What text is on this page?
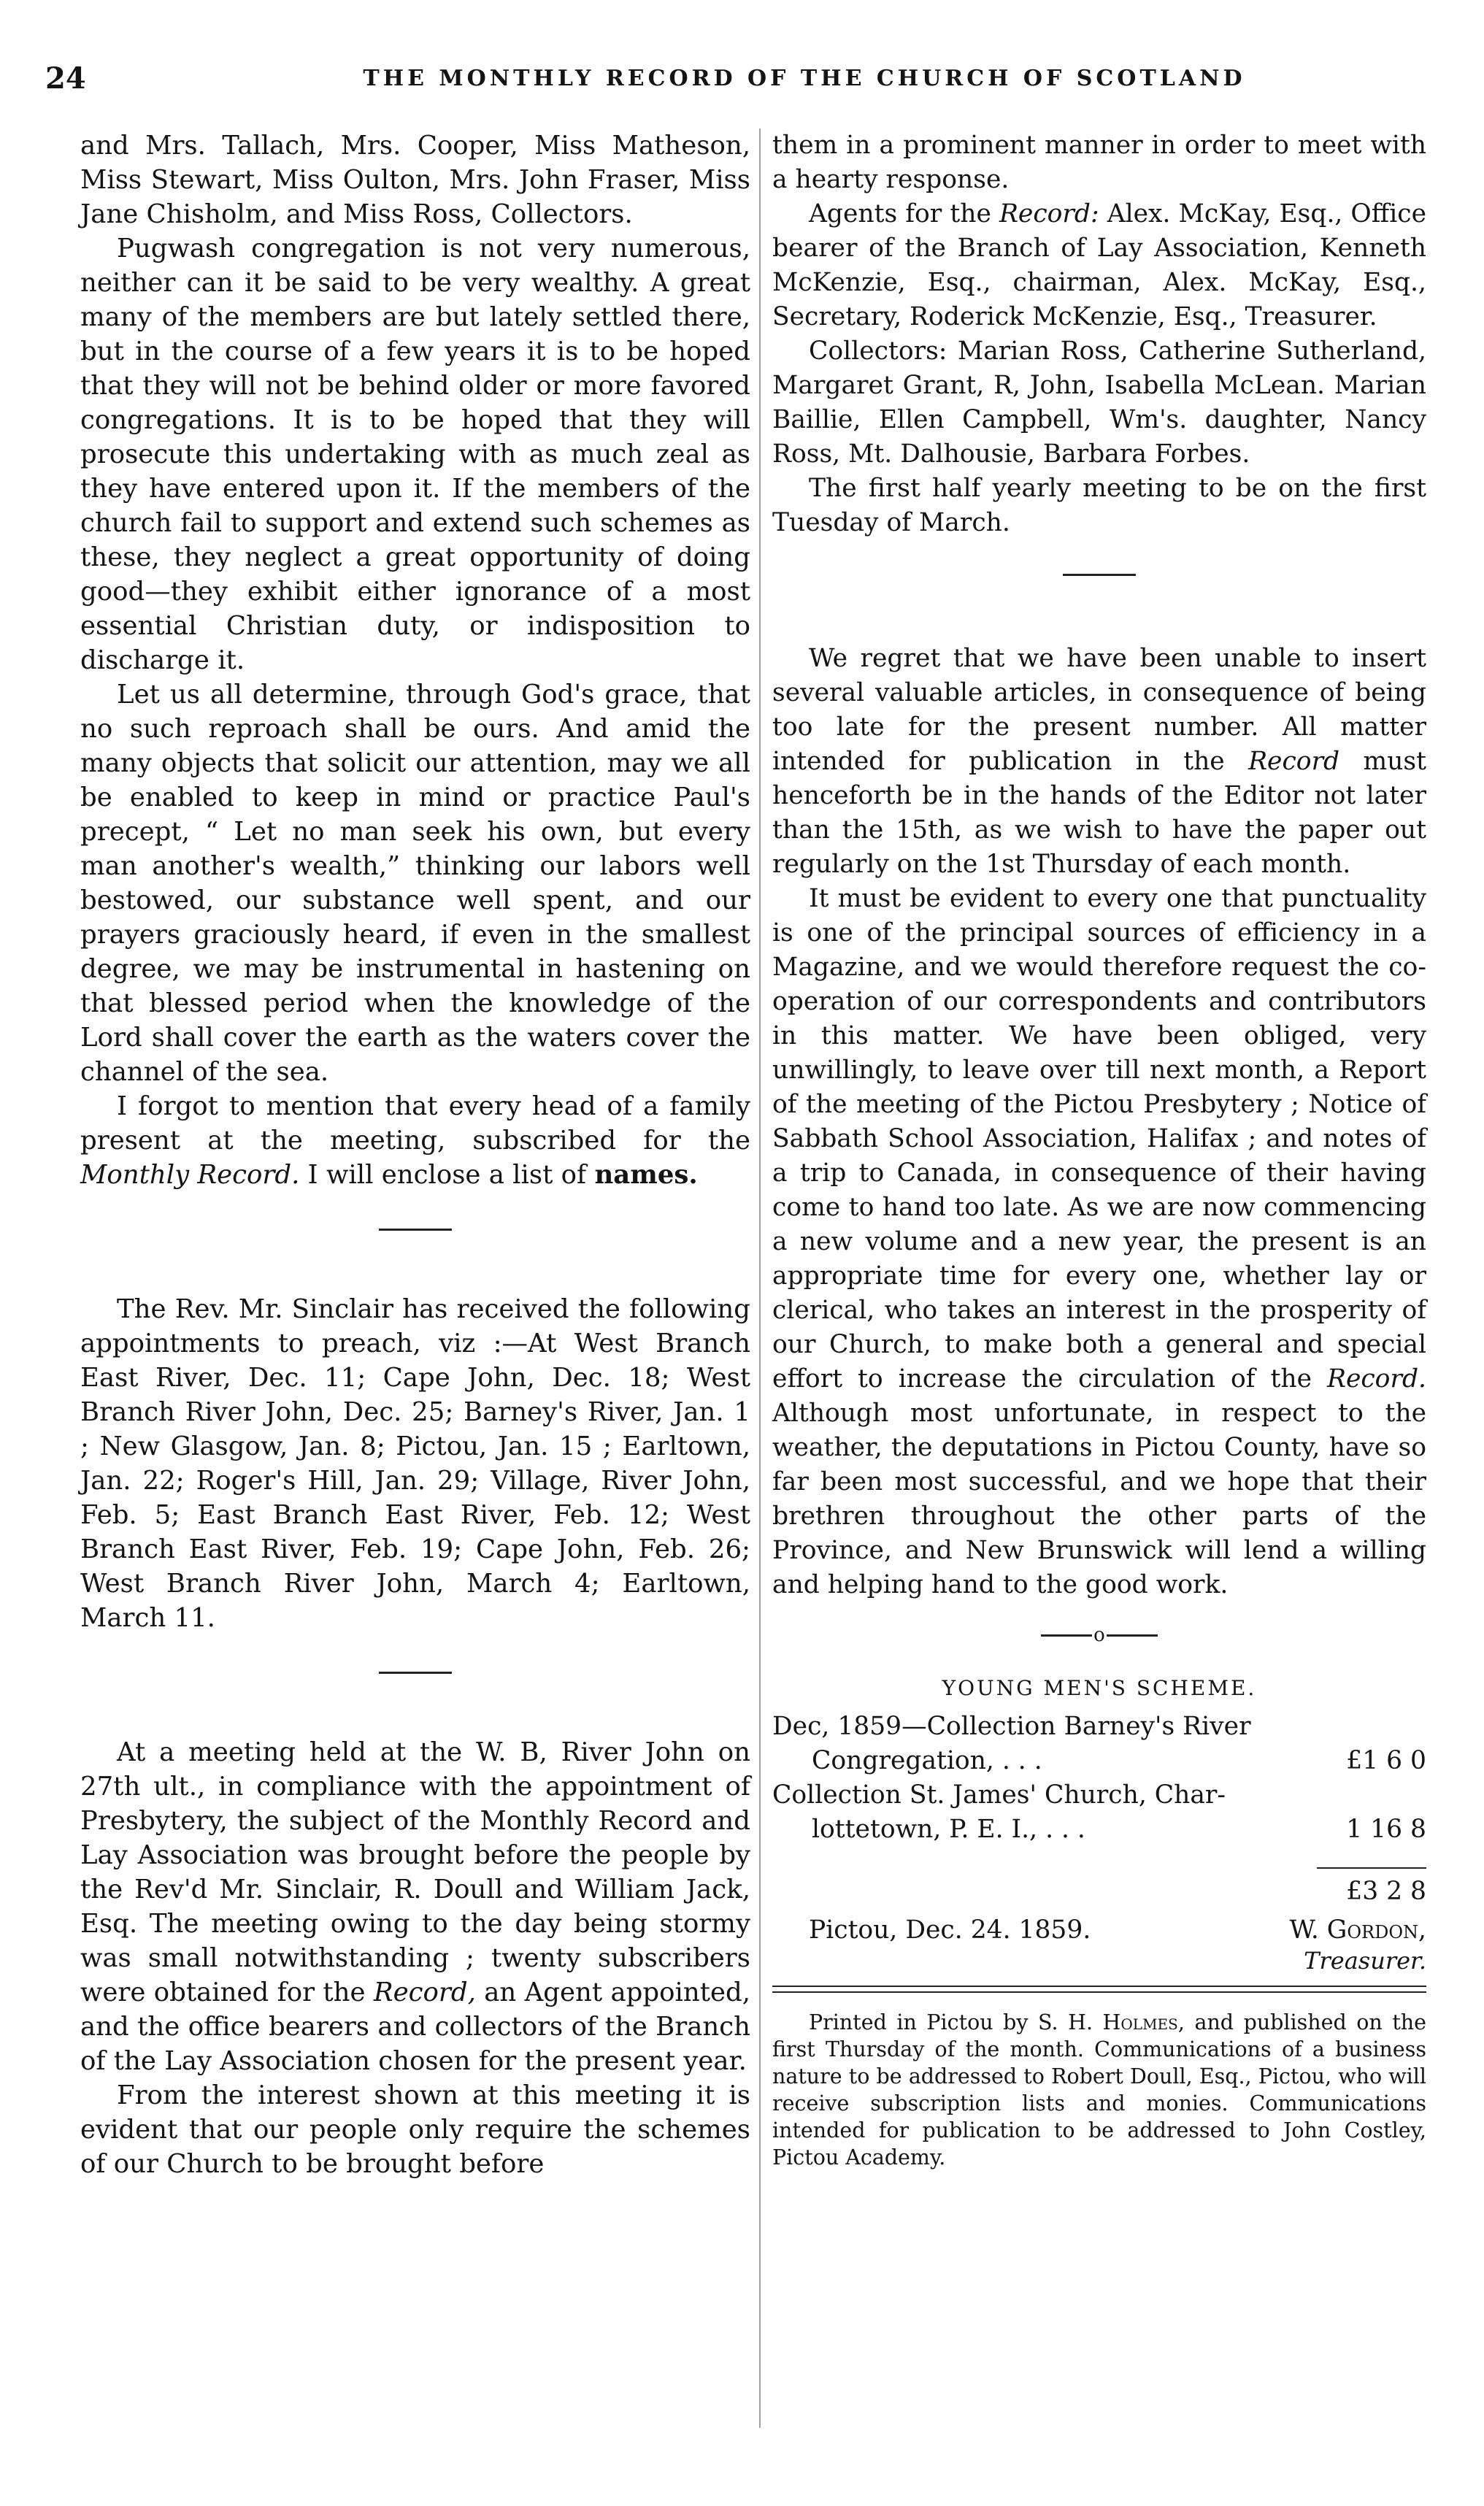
24	THE MONTHLY RECORD OF THE CHURCH OF SCOTLAND

and Mrs. Tallach, Mrs. Cooper, Miss Matheson, Miss Stewart, Miss Oulton, Mrs. John Fraser, Miss Jane Chisholm, and Miss Ross, Collectors.

Pugwash congregation is not very numerous, neither can it be said to be very wealthy. A great many of the members are but lately settled there, but in the course of a few years it is to be hoped that they will not be behind older or more favored congregations. It is to be hoped that they will prosecute this undertaking with as much zeal as they have entered upon it. If the members of the church fail to support and extend such schemes as these, they neglect a great opportunity of doing good—they exhibit either ignorance of a most essential Christian duty, or indisposition to discharge it.

Let us all determine, through God's grace, that no such reproach shall be ours. And amid the many objects that solicit our attention, may we all be enabled to keep in mind or practice Paul's precept, “ Let no man seek his own, but every man another's wealth,” thinking our labors well bestowed, our substance well spent, and our prayers graciously heard, if even in the smallest degree, we may be instrumental in hastening on that blessed period when the knowledge of the Lord shall cover the earth as the waters cover the channel of the sea.

I forgot to mention that every head of a family present at the meeting, subscribed for the Monthly Record. I will enclose a list of names.

The Rev. Mr. Sinclair has received the following appointments to preach, viz :—At West Branch East River, Dec. 11; Cape John, Dec. 18; West Branch River John, Dec. 25; Barney's River, Jan. 1 ; New Glasgow, Jan. 8; Pictou, Jan. 15 ; Earltown, Jan. 22; Roger's Hill, Jan. 29; Village, River John, Feb. 5; East Branch East River, Feb. 12; West Branch East River, Feb. 19; Cape John, Feb. 26; West Branch River John, March 4; Earltown, March 11.

At a meeting held at the W. B, River John on 27th ult., in compliance with the appointment of Presbytery, the subject of the Monthly Record and Lay Association was brought before the people by the Rev'd Mr. Sinclair, R. Doull and William Jack, Esq. The meeting owing to the day being stormy was small notwithstanding ; twenty subscribers were obtained for the Record, an Agent appointed, and the office bearers and collectors of the Branch of the Lay Association chosen for the present year.

From the interest shown at this meeting it is evident that our people only require the schemes of our Church to be brought before

them in a prominent manner in order to meet with a hearty response.

Agents for the Record: Alex. McKay, Esq., Office bearer of the Branch of Lay Association, Kenneth McKenzie, Esq., chairman, Alex. McKay, Esq., Secretary, Roderick McKenzie, Esq., Treasurer.

Collectors: Marian Ross, Catherine Sutherland, Margaret Grant, R, John, Isabella McLean. Marian Baillie, Ellen Campbell, Wm's. daughter, Nancy Ross, Mt. Dalhousie, Barbara Forbes.

The first half yearly meeting to be on the first Tuesday of March.

We regret that we have been unable to insert several valuable articles, in consequence of being too late for the present number. All matter intended for publication in the Record must henceforth be in the hands of the Editor not later than the 15th, as we wish to have the paper out regularly on the 1st Thursday of each month.

It must be evident to every one that punctuality is one of the principal sources of efficiency in a Magazine, and we would therefore request the co-operation of our correspondents and contributors in this matter. We have been obliged, very unwillingly, to leave over till next month, a Report of the meeting of the Pictou Presbytery ; Notice of Sabbath School Association, Halifax ; and notes of a trip to Canada, in consequence of their having come to hand too late. As we are now commencing a new volume and a new year, the present is an appropriate time for every one, whether lay or clerical, who takes an interest in the prosperity of our Church, to make both a general and special effort to increase the circulation of the Record. Although most unfortunate, in respect to the weather, the deputations in Pictou County, have so far been most successful, and we hope that their brethren throughout the other parts of the Province, and New Brunswick will lend a willing and helping hand to the good work.

o
YOUNG MEN'S SCHEME.
Dec, 1859—Collection Barney's River
Congregation, . . .	£1 6 0
Collection St. James' Church, Char-
lottetown, P. E. I., . . .	1 16 8
£3 2 8
Pictou, Dec. 24. 1859.	W. Gordon,
Treasurer.

Printed in Pictou by S. H. Holmes, and published on the first Thursday of the month. Communications of a business nature to be addressed to Robert Doull, Esq., Pictou, who will receive subscription lists and monies. Communications intended for publication to be addressed to John Costley, Pictou Academy.
